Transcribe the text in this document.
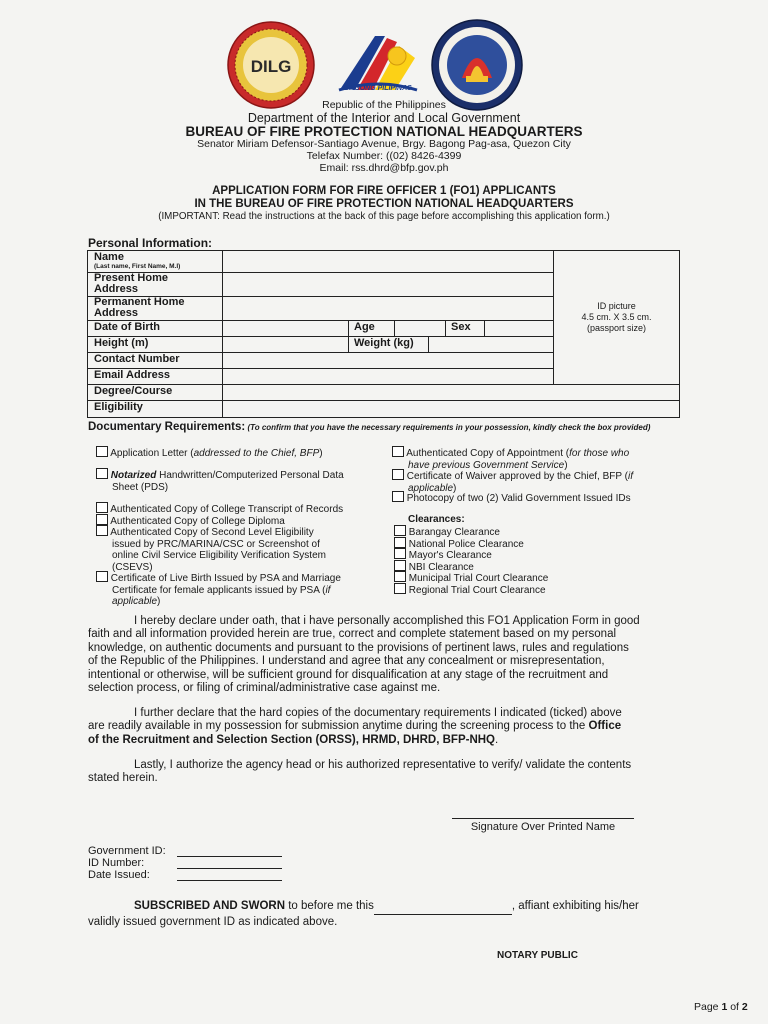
DILG
BAGONG PILIPINAS
Republic of the Philippines
Department of the Interior and Local Government
BUREAU OF FIRE PROTECTION NATIONAL HEADQUARTERS
Senator Miriam Defensor-Santiago Avenue, Brgy. Bagong Pag-asa, Quezon City
Telefax Number: ((02) 8426-4399
Email: rss.dhrd@bfp.gov.ph
APPLICATION FORM FOR FIRE OFFICER 1 (FO1) APPLICANTS
IN THE BUREAU OF FIRE PROTECTION NATIONAL HEADQUARTERS
(IMPORTANT: Read the instructions at the back of this page before accomplishing this application form.)
Personal Information:
Name
(Last name, First Name, M.I)
Present Home
Address
Permanent Home
Address
Date of Birth	Age	Sex
Height (m)	Weight (kg)
Contact Number
Email Address
Degree/Course
Eligibility
ID picture
4.5 cm. X 3.5 cm.
(passport size)
Documentary Requirements: (To confirm that you have the necessary requirements in your possession, kindly check the box provided)
Application Letter (addressed to the Chief, BFP)
Notarized Handwritten/Computerized Personal Data
Sheet (PDS)
Authenticated Copy of College Transcript of Records
Authenticated Copy of College Diploma
Authenticated Copy of Second Level Eligibility
issued by PRC/MARINA/CSC or Screenshot of
online Civil Service Eligibility Verification System
(CSEVS)
Certificate of Live Birth Issued by PSA and Marriage
Certificate for female applicants issued by PSA (if
applicable)
Authenticated Copy of Appointment (for those who
have previous Government Service)
Certificate of Waiver approved by the Chief, BFP (if
applicable)
Photocopy of two (2) Valid Government Issued IDs
Clearances:
Barangay Clearance
National Police Clearance
Mayor's Clearance
NBI Clearance
Municipal Trial Court Clearance
Regional Trial Court Clearance
I hereby declare under oath, that i have personally accomplished this FO1 Application Form in good
faith and all information provided herein are true, correct and complete statement based on my personal
knowledge, on authentic documents and pursuant to the provisions of pertinent laws, rules and regulations
of the Republic of the Philippines. I understand and agree that any concealment or misrepresentation,
intentional or otherwise, will be sufficient ground for disqualification at any stage of the recruitment and
selection process, or filing of criminal/administrative case against me.
I further declare that the hard copies of the documentary requirements I indicated (ticked) above
are readily available in my possession for submission anytime during the screening process to the Office
of the Recruitment and Selection Section (ORSS), HRMD, DHRD, BFP-NHQ.
Lastly, I authorize the agency head or his authorized representative to verify/ validate the contents
stated herein.
Signature Over Printed Name
Government ID:
ID Number:
Date Issued:
SUBSCRIBED AND SWORN to before me this	, affiant exhibiting his/her
validly issued government ID as indicated above.
NOTARY PUBLIC
Page 1 of 2
